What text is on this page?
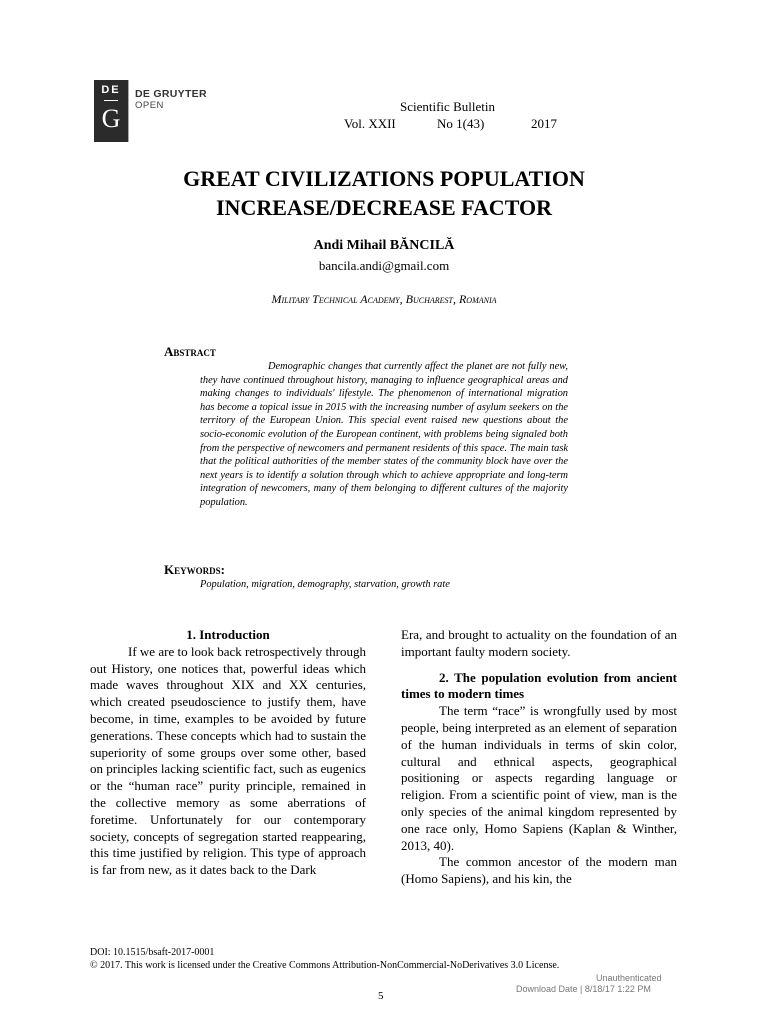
DE
G
DE GRUYTER
OPEN	Scientific Bulletin
Vol. XXII	No 1(43)	2017
GREAT CIVILIZATIONS POPULATION INCREASE/DECREASE FACTOR
Andi Mihail BĂNCILĂ
bancila.andi@gmail.com
Military Technical Academy, Bucharest, Romania
Abstract
Demographic changes that currently affect the planet are not fully new, they have continued throughout history, managing to influence geographical areas and making changes to individuals' lifestyle. The phenomenon of international migration has become a topical issue in 2015 with the increasing number of asylum seekers on the territory of the European Union. This special event raised new questions about the socio-economic evolution of the European continent, with problems being signaled both from the perspective of newcomers and permanent residents of this space. The main task that the political authorities of the member states of the community block have over the next years is to identify a solution through which to achieve appropriate and long-term integration of newcomers, many of them belonging to different cultures of the majority population.
Keywords:
Population, migration, demography, starvation, growth rate
1. Introduction

If we are to look back retrospectively through out History, one notices that, powerful ideas which made waves throughout XIX and XX centuries, which created pseudoscience to justify them, have become, in time, examples to be avoided by future generations. These concepts which had to sustain the superiority of some groups over some other, based on principles lacking scientific fact, such as eugenics or the “human race” purity principle, remained in the collective memory as some aberrations of foretime. Unfortunately for our contemporary society, concepts of segregation started reappearing, this time justified by religion. This type of approach is far from new, as it dates back to the Dark

Era, and brought to actuality on the foundation of an important faulty modern society.

2. The population evolution from ancient times to modern times

The term “race” is wrongfully used by most people, being interpreted as an element of separation of the human individuals in terms of skin color, cultural and ethnical aspects, geographical positioning or aspects regarding language or religion. From a scientific point of view, man is the only species of the animal kingdom represented by one race only, Homo Sapiens (Kaplan & Winther, 2013, 40).

The common ancestor of the modern man (Homo Sapiens), and his kin, the

DOI: 10.1515/bsaft-2017-0001
© 2017. This work is licensed under the Creative Commons Attribution-NonCommercial-NoDerivatives 3.0 License.
Unauthenticated
Download Date | 8/18/17 1:22 PM
5
